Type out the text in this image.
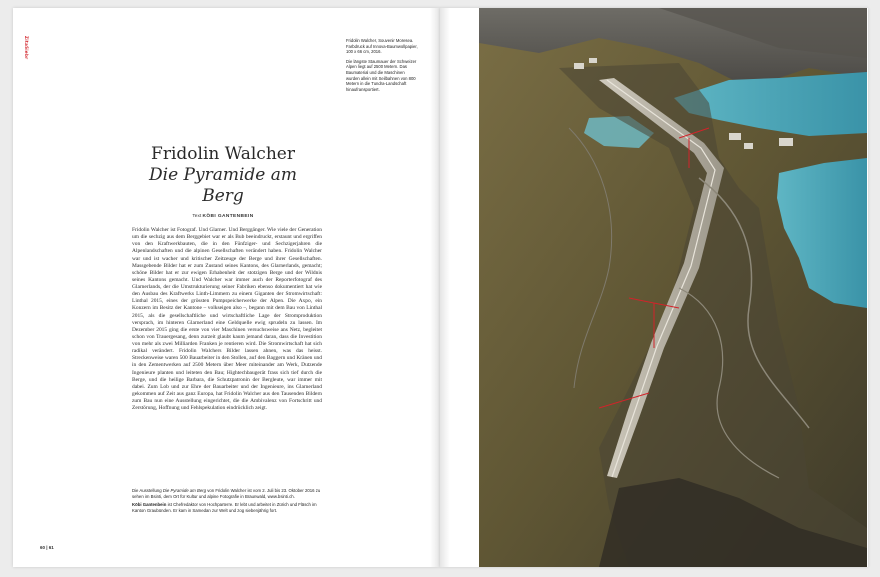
ZitaSiebr	Fridolin Walcher, Souvenir Moresea. Farbdruck auf Innova-Baumwollpapier, 100 x 66 cm, 2016.

Die längste Staumauer der Schweizer Alpen liegt auf 2500 Metern. Das Baumaterial und die Maschinen wurden allein mit Seilbahnen von 800 Metern in die Tundra-Landschaft hinaufransportiert.

Fridolin Walcher
Die Pyramide am Berg
Text KÖBI GANTENBEIN
Fridolin Walcher ist Fotograf. Und Glarner. Und Berggänger. Wie viele der Generation um die sechzig aus dem Berggebiet war er als Bub beeindruckt, erstaunt und ergriffen von den Kraftwerkbauten, die in den Fünfziger- und Sechzigerjahren die Alpenlandschaften und die alpinen Gesellschaften verändert haben. Fridolin Walcher war und ist wacher und kritischer Zeitzeuge der Berge und ihrer Gesellschaften. Massgebende Bilder hat er zum Zustand seines Kantons, des Glarnerlands, gemacht; schöne Bilder hat er zur ewigen Erhabenheit der stotzigen Berge und der Wildnis seines Kantons gemacht. Und Walcher war immer auch der Reporterfotograf des Glarnerlands, der die Umstrukturierung seiner Fabriken ebenso dokumentiert hat wie den Ausbau des Kraftwerks Linth-Limmern zu einem Giganten der Stromwirtschaft: Linthal 2015, eines der grössten Pumpspeicherwerke der Alpen. Die Axpo, ein Konzern im Besitz der Kantone – volkseigen also –, begann mit dem Bau von Linthal 2015, als die gesellschaftliche und wirtschaftliche Lage der Stromproduktion versprach, im hinteren Glarnerland eine Geldquelle ewig sprudeln zu lassen. Im Dezember 2015 ging die erste von vier Maschinen versuchsweise ans Netz, begleitet schon von Trauergesang, denn zurzeit glaubt kaum jemand daran, dass die Investition von mehr als zwei Milliarden Franken je rentieren wird. Die Stromwirtschaft hat sich radikal verändert. Fridolin Walchers Bilder lassen ahnen, was das heisst. Streckenweise waren 500 Bauarbeiter in den Stollen, auf den Baggern und Kränen und in den Zementwerken auf 2500 Metern über Meer miteinander am Werk, Dutzende Ingenieure planten und leiteten den Bau; Hightechbaugerät frass sich tief durch die Berge, und die heilige Barbara, die Schutzpatronin der Bergleute, war immer mit dabei. Zum Lob und zur Ehre der Bauarbeiter und der Ingenieure, ins Glarnerland gekommen auf Zeit aus ganz Europa, hat Fridolin Walcher aus den Tausenden Bildern zum Bau nun eine Ausstellung eingerichtet, die die Ambivalenz von Fortschritt und Zerstörung, Hoffnung und Fehlspekulation eindrücklich zeigt.

Die Ausstellung Die Pyramide am Berg von Fridolin Walcher ist vom 2. Juli bis 23. Oktober 2016 zu sehen im Bsinti, dem Ort für Kultur und alpine Fotografie in Braunwald, www.bsinti.ch.

Köbi Gantenbein ist Chefredaktor von Hochparterre. Er lebt und arbeitet in Zürich und Fläsch im Kanton Graubünden. Er kam in Samedan zur Welt und zog siebenjährig fort.

60 | 61
